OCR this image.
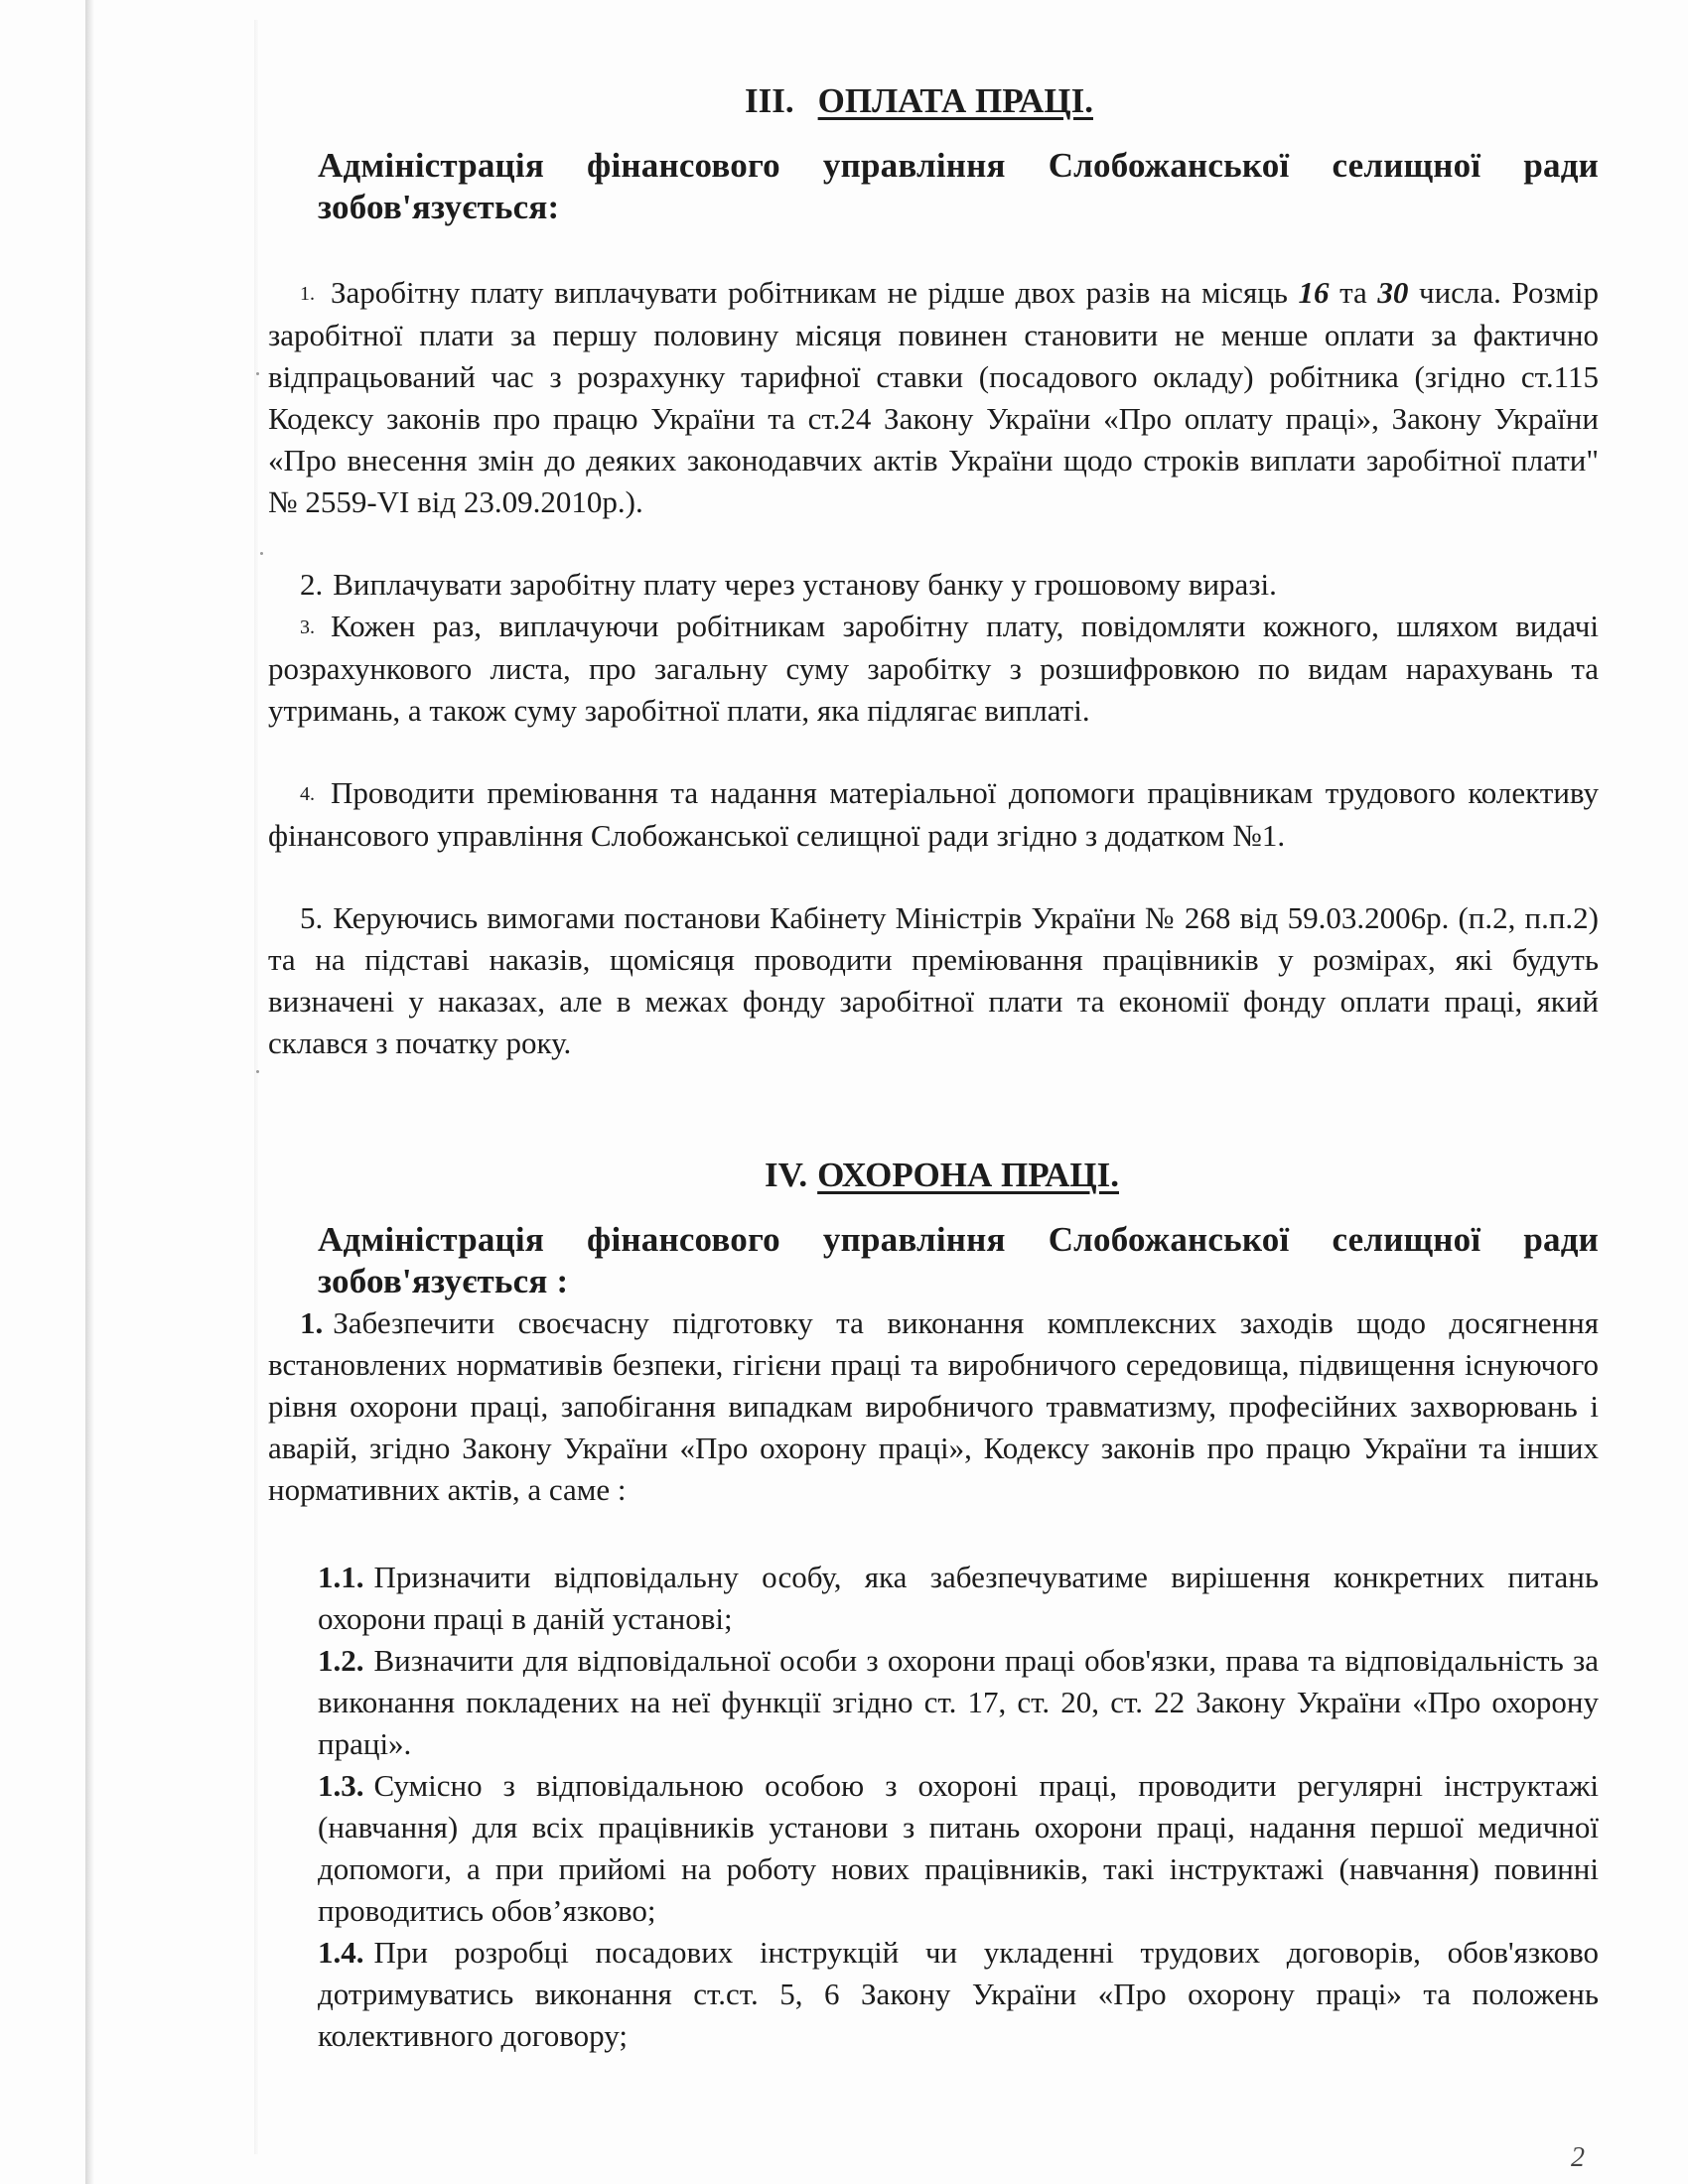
III. ОПЛАТА ПРАЦІ.
Адміністрація фінансового управління Слобожанської селищної ради зобов'язується:
1. Заробітну плату виплачувати робітникам не рідше двох разів на місяць 16 та 30 числа. Розмір заробітної плати за першу половину місяця повинен становити не менше оплати за фактично відпрацьований час з розрахунку тарифної ставки (посадового окладу) робітника (згідно ст.115 Кодексу законів про працю України та ст.24 Закону України «Про оплату праці», Закону України «Про внесення змін до деяких законодавчих актів України щодо строків виплати заробітної плати" № 2559-VI від 23.09.2010р.).
2. Виплачувати заробітну плату через установу банку у грошовому виразі.
3. Кожен раз, виплачуючи робітникам заробітну плату, повідомляти кожного, шляхом видачі розрахункового листа, про загальну суму заробітку з розшифровкою по видам нарахувань та утримань, а також суму заробітної плати, яка підлягає виплаті.
4. Проводити преміювання та надання матеріальної допомоги працівникам трудового колективу фінансового управління Слобожанської селищної ради згідно з додатком №1.
5. Керуючись вимогами постанови Кабінету Міністрів України № 268 від 59.03.2006р. (п.2, п.п.2) та на підставі наказів, щомісяця проводити преміювання працівників у розмірах, які будуть визначені у наказах, але в межах фонду заробітної плати та економії фонду оплати праці, який склався з початку року.
IV. ОХОРОНА ПРАЦІ.
Адміністрація фінансового управління Слобожанської селищної ради зобов'язується :
1. Забезпечити своєчасну підготовку та виконання комплексних заходів щодо досягнення встановлених нормативів безпеки, гігієни праці та виробничого середовища, підвищення існуючого рівня охорони праці, запобігання випадкам виробничого травматизму, професійних захворювань і аварій, згідно Закону України «Про охорону праці», Кодексу законів про працю України та інших нормативних актів, а саме :
1.1. Призначити відповідальну особу, яка забезпечуватиме вирішення конкретних питань охорони праці в даній установі;
1.2. Визначити для відповідальної особи з охорони праці обов'язки, права та відповідальність за виконання покладених на неї функції згідно ст. 17, ст. 20, ст. 22 Закону України «Про охорону праці».
1.3. Сумісно з відповідальною особою з охороні праці, проводити регулярні інструктажі (навчання) для всіх працівників установи з питань охорони праці, надання першої медичної допомоги, а при прийомі на роботу нових працівників, такі інструктажі (навчання) повинні проводитись обов’язково;
1.4. При розробці посадових інструкцій чи укладенні трудових договорів, обов'язково дотримуватись виконання ст.ст. 5, 6 Закону України «Про охорону праці» та положень колективного договору;
2
